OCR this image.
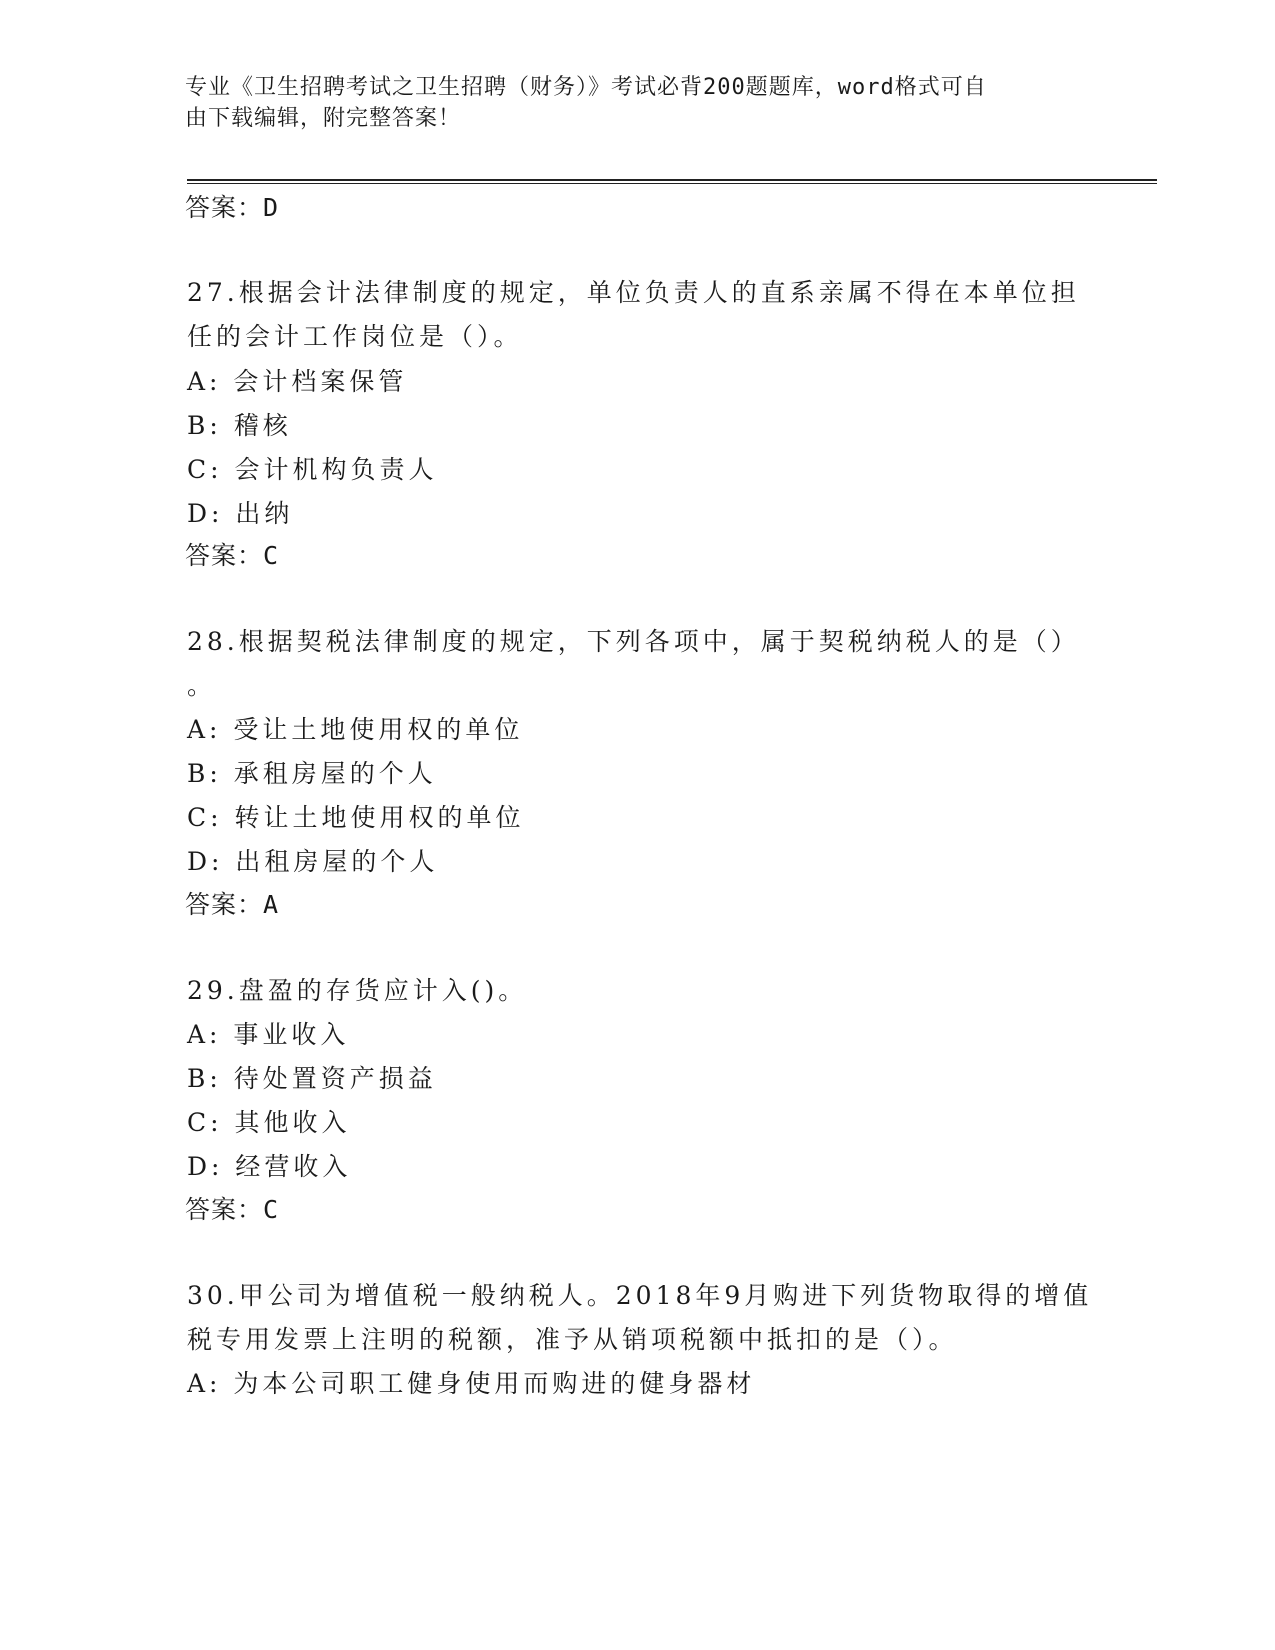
专业《卫生招聘考试之卫生招聘（财务）》考试必背200题题库，word格式可自
由下载编辑，附完整答案！
答案：D
27.根据会计法律制度的规定，单位负责人的直系亲属不得在本单位担
任的会计工作岗位是（）。
A: 会计档案保管
B: 稽核
C: 会计机构负责人
D: 出纳
答案：C
28.根据契税法律制度的规定，下列各项中，属于契税纳税人的是（）
。
A: 受让土地使用权的单位
B: 承租房屋的个人
C: 转让土地使用权的单位
D: 出租房屋的个人
答案：A
29.盘盈的存货应计入()。
A: 事业收入
B: 待处置资产损益
C: 其他收入
D: 经营收入
答案：C
30.甲公司为增值税一般纳税人。2018年9月购进下列货物取得的增值
税专用发票上注明的税额，准予从销项税额中抵扣的是（）。
A: 为本公司职工健身使用而购进的健身器材
